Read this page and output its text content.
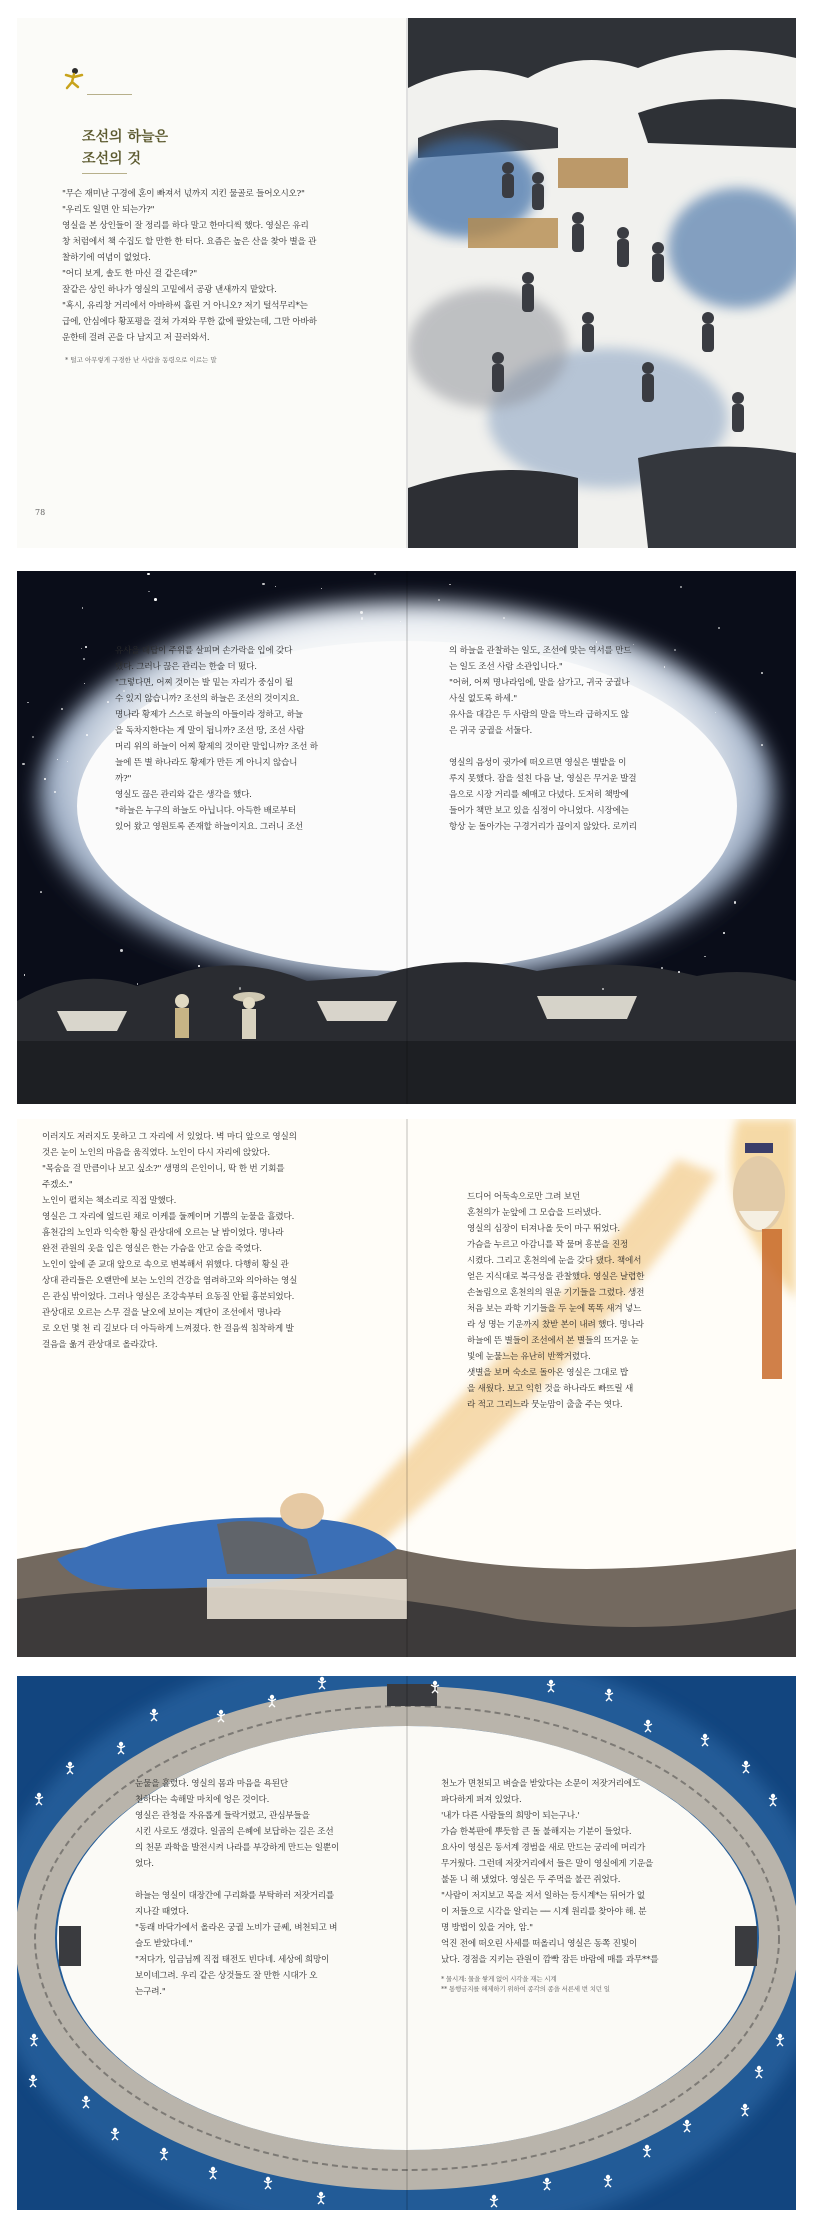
조선의 하늘은
조선의 것

"무슨 재미난 구경에 혼이 빠져서 넋까지 지킨 물골로 들어오시오?"

"우리도 일면 안 되는가?"

영실을 본 상인들이 잘 정리를 하다 말고 한마디씩 했다. 영실은 유리

창 처럼에서 책 수집도 할 만한 한 터다. 요즘은 높은 산을 찾아 별을 관

찰하기에 여념이 없었다.

"어디 보게, 솔도 한 마신 걸 같은데?"

잘같은 상인 하나가 영실의 고밑에서 공광 낸새까지 맡았다.

"혹시, 유리창 거리에서 아바하씨 흘린 거 아니오? 저기 털석무리*는

급에, 안심에다 황포평을 걸쳐 가져와 무한 값에 팔았는데, 그만 아바하

운한테 걸려 곤을 다 남지고 저 끌러와서.

* 털고 아무렇게 구경한 난 사람을 동령으로 이르는 말
78

유사을 대답이 주위를 살피며 손가락을 입에 갖다

댔다. 그러나 끊은 관리는 한술 더 떴다.

"그렇다면, 어찌 것이는 발 밑는 자리가 중심이 될

수 있지 않습니까? 조선의 하늘은 조선의 것이지요.

명나라 황제가 스스로 하늘의 아들이라 정하고, 하늘

을 독차지한다는 게 말이 됩니까? 조선 땅, 조선 사람

머리 위의 하늘이 어찌 황제의 것이란 말입니까? 조선 하

늘에 뜬 별 하나라도 황제가 만든 게 아니지 않습니

까?"

영실도 끊은 관리와 같은 생각을 했다.

"하늘은 누구의 하늘도 아닙니다. 아득한 배로부터

있어 왔고 영원토록 존재할 하늘이지요. 그러니 조선

의 하늘을 관찰하는 일도, 조선에 맞는 역서를 만드

는 일도 조선 사람 소관입니다."

"어허, 어찌 명나라임에, 말을 삼가고, 귀국 궁궐나

사실 없도록 하세."

유사을 대감은 두 사람의 말을 막느라 급하지도 않

은 귀국 궁궐을 서둘다.

영실의 음성이 귓가에 떠오르면 영실은 별밭을 이

루지 못했다. 잠을 설친 다음 날, 영실은 무거운 발걸

음으로 시장 거리를 헤매고 다녔다. 도저히 책방에

들어가 책만 보고 있을 심정이 아니었다. 시장에는

항상 눈 돌아가는 구경거리가 끊이지 않았다. 로끼리

이러지도 저러지도 못하고 그 자리에 서 있었다. 벽 마디 앞으로 영실의

것은 눈이 노인의 마음을 움직였다. 노인이 다시 자리에 앉았다.

"목숨을 걸 만큼이나 보고 싶소?" 생명의 은인이니, 딱 한 번 기회를

주겠소."

노인이 펼치는 책소리로 직접 말했다.

영실은 그 자리에 엎드린 채로 이케를 둘께이며 기쁨의 눈물을 흘렸다.

흠천감의 노인과 익숙한 황실 관상대에 오르는 날 밤이었다. 명나라

완전 관원의 옷을 입은 영실은 한는 가슴을 안고 숨을 죽였다.

노인이 앞에 준 교대 앞으로 속으로 변복해서 위했다. 다행히 황실 관

상대 관리들은 오랜만에 보는 노인의 건강을 염려하고와 의아하는 영실

은 관심 밖이었다. 그러나 영실은 조강속부터 요동질 안될 흉분되었다.

관상대로 오르는 스무 걸을 날오에 보이는 계단이 조선에서 명나라

로 오던 몇 천 리 길보다 더 아득하게 느껴졌다. 한 걸음씩 침착하게 발

걸음을 옮겨 관상대로 올라갔다.

드디어 어둑속으로만 그려 보던

혼천의가 눈앞에 그 모습을 드러냈다.

영실의 심장이 터져나올 듯이 마구 뛰었다.

가슴을 누르고 아감니를 꽉 물며 흥분을 진정

시켰다. 그리고 혼천의에 눈을 갖다 댔다. 책에서

얻은 지식대로 북극성을 관찰했다. 영실은 날렵한

손놀림으로 혼천의의 원운 기기들을 그렸다. 생전

처음 보는 과학 기기들을 두 눈에 똑똑 새겨 넣느

라 성 명는 기운까지 찼받 본이 내려 했다. 명나라

하늘에 뜬 별들이 조선에서 본 별들의 뜨거운 눈

빛에 눈물느는 유난히 반짝거렸다.

샛별을 보며 숙소로 돌아온 영실은 그대로 밥

을 새웠다. 보고 익힌 것을 하나라도 빠뜨릴 새

라 적고 그리느라 뭇눈맘이 출출 주는 엿다.

눈물을 흘렸다. 영실의 몸과 마음을 욕된단

천하다는 속해말 마치에 엉은 것이다.

영실은 관청을 자유롭게 들락거렸고, 관심부들을

시킨 사로도 생겼다. 일곱의 은혜에 보답하는 길은 조선

의 천문 과학을 발전시켜 나라를 부강하게 만드는 일뿐이

었다.

하늘는 영실이 대장간에 구리화를 부탁하러 저잣거리를

지나갈 때였다.

"동래 바닥가에서 올라온 궁궐 노비가 글쎄, 벼천되고 벼

슬도 받았다네."

"저다가, 임금님께 직접 태전도 빈다네. 세상에 희망이

보이네그려. 우리 같은 상것들도 잘 만한 시대가 오

는구려."

천노가 면천되고 벼슬을 받았다는 소문이 저잣거리에도

파다하게 퍼져 있었다.

'내가 다른 사람들의 희망이 되는구나.'

가슴 한복판에 뿌듯함 큰 돌 불해지는 기분이 들었다.

요사이 영실은 동서계 경범을 새로 만드는 궁리에 머리가

무거웠다. 그런데 저잣거리에서 들은 말이 영실에게 기운을

불돋 니 해 냈었다. 영실은 두 주먹을 불끈 쥐었다.

"사람이 저지보고 목을 저서 일하는 등시계*는 뒤어가 없

이 저들으로 시각을 알리는 ── 시계 원리를 찾아야 해. 분

명 방법이 있을 거야, 암."

억진 전에 떠오린 사세를 떠올리니 영실은 동쪽 진빛이

났다. 경점을 지키는 관원이 깜빡 잠든 바람에 매를 과무**를

* 물시계: 물을 쌓게 없어 시각을 재는 시계
** 통행금지를 해제하기 위하여 종각의 종을 서른세 번 치던 일
